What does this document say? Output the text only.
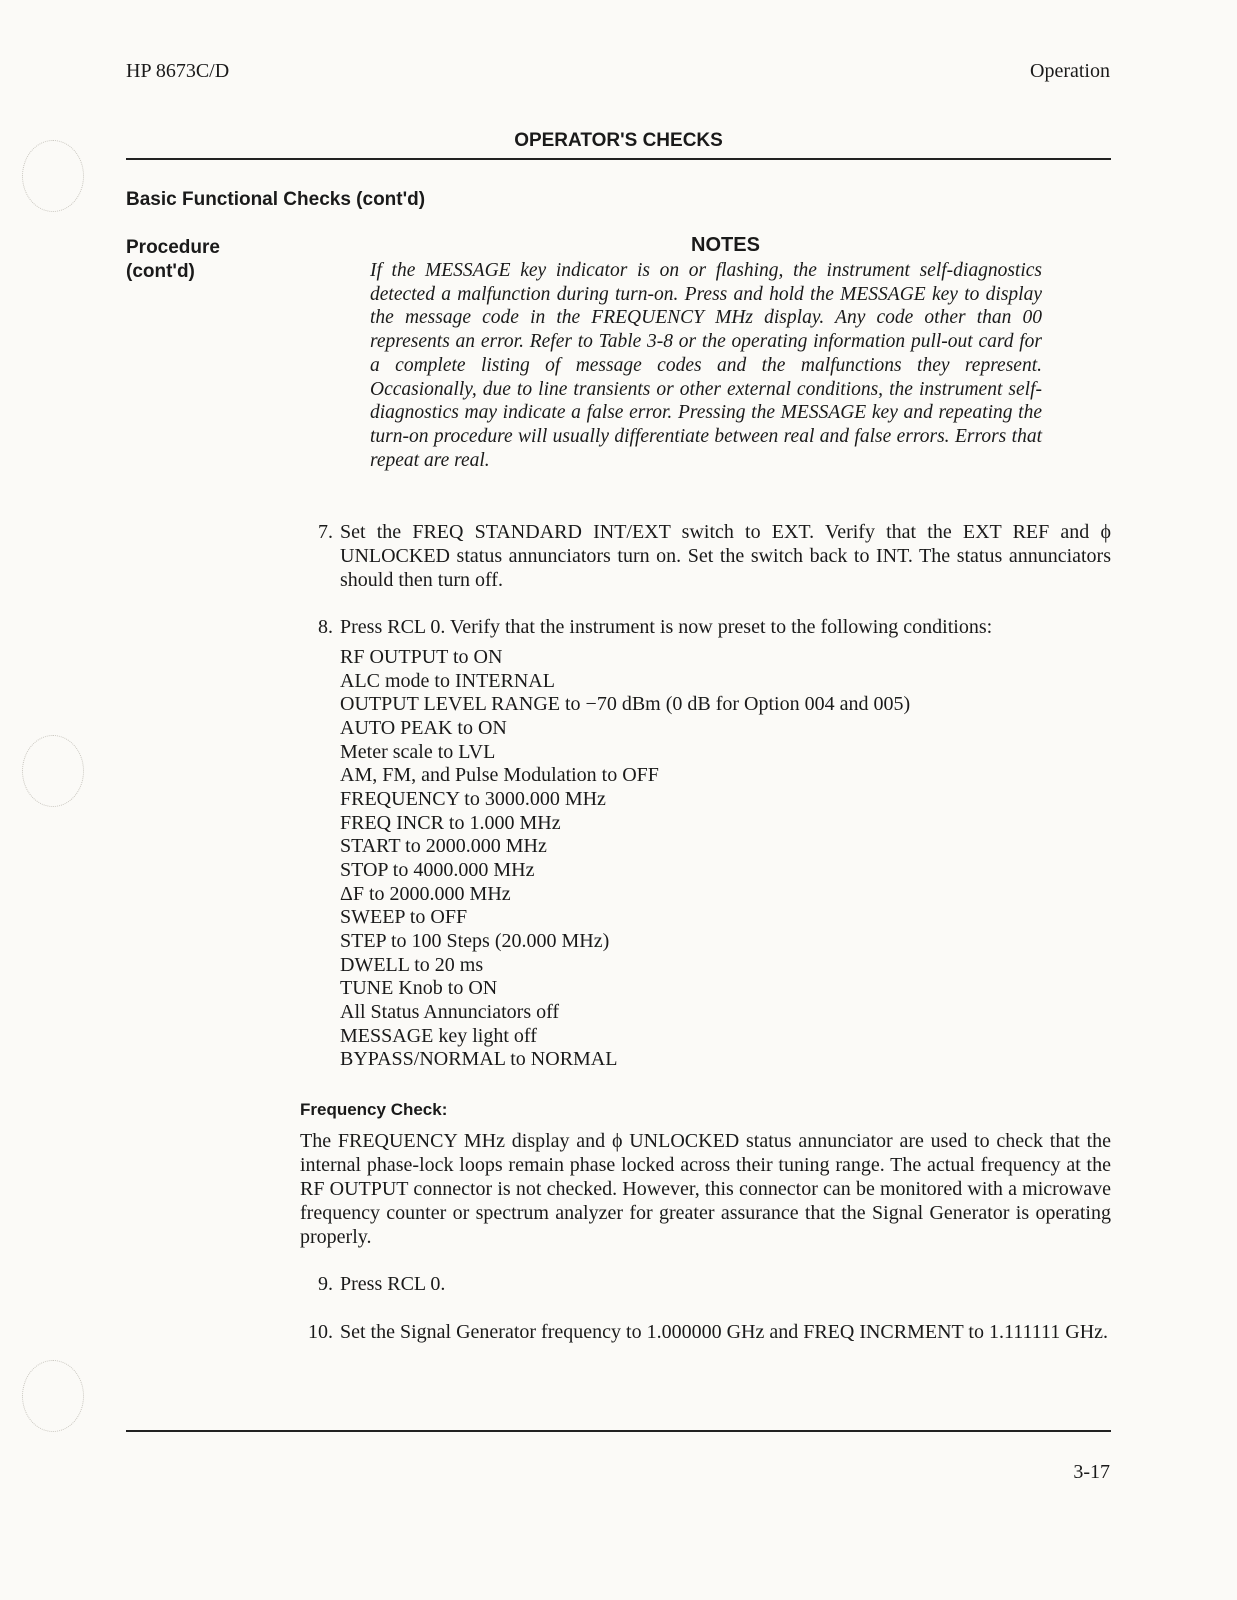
HP 8673C/D	Operation
OPERATOR'S CHECKS
Basic Functional Checks (cont'd)
Procedure
(cont'd)
NOTES
If the MESSAGE key indicator is on or flashing, the instrument self-diagnostics detected a malfunction during turn-on. Press and hold the MESSAGE key to display the message code in the FREQUENCY MHz display. Any code other than 00 represents an error. Refer to Table 3-8 or the operating information pull-out card for a complete listing of message codes and the malfunctions they represent. Occasionally, due to line transients or other external conditions, the instrument self-diagnostics may indicate a false error. Pressing the MESSAGE key and repeating the turn-on procedure will usually differentiate between real and false errors. Errors that repeat are real.
7. Set the FREQ STANDARD INT/EXT switch to EXT. Verify that the EXT REF and ϕ UNLOCKED status annunciators turn on. Set the switch back to INT. The status annunciators should then turn off.
8. Press RCL 0. Verify that the instrument is now preset to the following conditions:
RF OUTPUT to ON
ALC mode to INTERNAL
OUTPUT LEVEL RANGE to −70 dBm (0 dB for Option 004 and 005)
AUTO PEAK to ON
Meter scale to LVL
AM, FM, and Pulse Modulation to OFF
FREQUENCY to 3000.000 MHz
FREQ INCR to 1.000 MHz
START to 2000.000 MHz
STOP to 4000.000 MHz
ΔF to 2000.000 MHz
SWEEP to OFF
STEP to 100 Steps (20.000 MHz)
DWELL to 20 ms
TUNE Knob to ON
All Status Annunciators off
MESSAGE key light off
BYPASS/NORMAL to NORMAL
Frequency Check:
The FREQUENCY MHz display and ϕ UNLOCKED status annunciator are used to check that the internal phase-lock loops remain phase locked across their tuning range. The actual frequency at the RF OUTPUT connector is not checked. However, this connector can be monitored with a microwave frequency counter or spectrum analyzer for greater assurance that the Signal Generator is operating properly.
9. Press RCL 0.
10. Set the Signal Generator frequency to 1.000000 GHz and FREQ INCRMENT to 1.111111 GHz.
3-17
